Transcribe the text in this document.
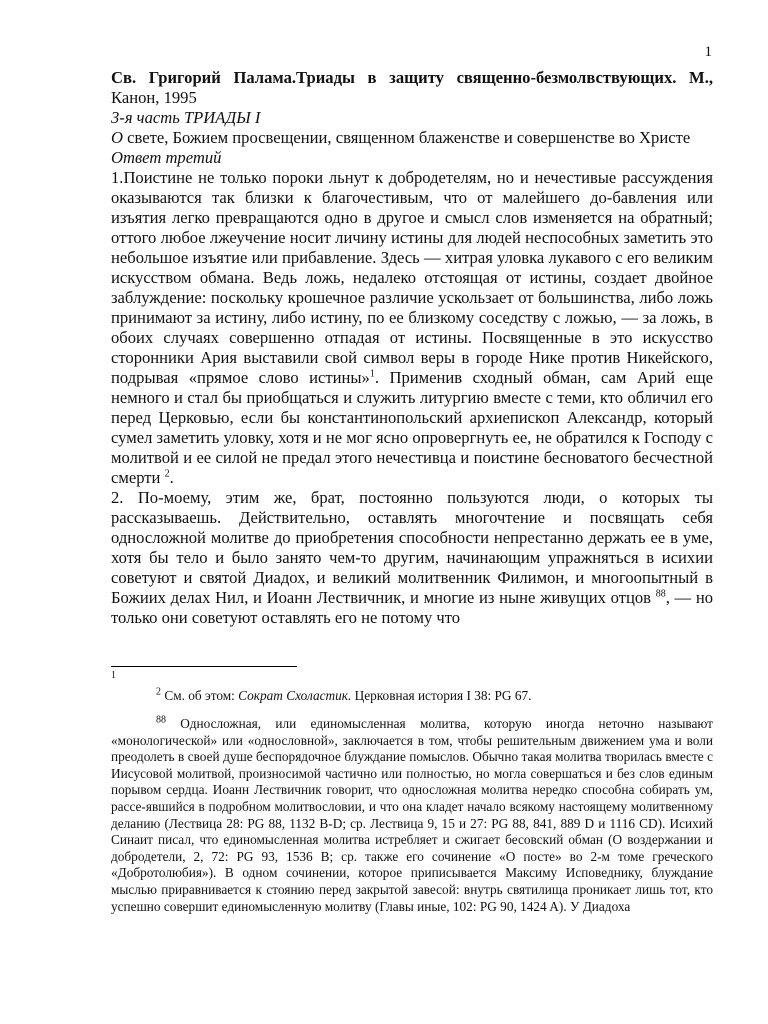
1

Св. Григорий Палама.Триады в защиту священно-безмолвствующих. М., Канон, 1995

3-я часть ТРИАДЫ I

О свете, Божием просвещении, священном блаженстве и совершенстве во Христе

Ответ третий

1.Поистине не только пороки льнут к добродетелям, но и нечестивые рассуждения оказываются так близки к благочестивым, что от малейшего до-бавления или изъятия легко превращаются одно в другое и смысл слов изменяется на обратный; оттого любое лжеучение носит личину истины для людей неспособных заметить это небольшое изъятие или прибавление. Здесь — хитрая уловка лукавого с его великим искусством обмана. Ведь ложь, недалеко отстоящая от истины, создает двойное заблуждение: поскольку крошечное различие ускользает от большинства, либо ложь принимают за истину, либо истину, по ее близкому соседству с ложью, — за ложь, в обоих случаях совершенно отпадая от истины. Посвященные в это искусство сторонники Ария выставили свой символ веры в городе Нике против Никейского, подрывая «прямое слово истины»$^1$. Применив сходный обман, сам Арий еще немного и стал бы приобщаться и служить литургию вместе с теми, кто обличил его перед Церковью, если бы константинопольский архиепископ Александр, который сумел заметить уловку, хотя и не мог ясно опровергнуть ее, не обратился к Господу с молитвой и ее силой не предал этого нечестивца и поистине бесноватого бесчестной смерти $^2$.

2. По-моему, этим же, брат, постоянно пользуются люди, о которых ты рассказываешь. Действительно, оставлять многочтение и посвящать себя односложной молитве до приобретения способности непрестанно держать ее в уме, хотя бы тело и было занято чем-то другим, начинающим упражняться в исихии советуют и святой Диадох, и великий молитвенник Филимон, и многоопытный в Божиих делах Нил, и Иоанн Лествичник, и многие из ныне живущих отцов $^{88}$, — но только они советуют оставлять его не потому что

1
$^2$ См. об этом: Сократ Схоластик. Церковная история I 38: PG 67.
$^{88}$ Односложная, или единомысленная молитва, которую иногда неточно называют «монологической» или «однословной», заключается в том, чтобы решительным движением ума и воли преодолеть в своей душе беспорядочное блуждание помыслов. Обычно такая молитва творилась вместе с Иисусовой молитвой, произносимой частично или полностью, но могла совершаться и без слов единым порывом сердца. Иоанн Лествичник говорит, что односложная молитва нередко способна собирать ум, рассе-явшийся в подробном молитвословии, и что она кладет начало всякому настоящему молитвенному деланию (Лествица 28: PG 88, 1132 B-D; ср. Лествица 9, 15 и 27: PG 88, 841, 889 D и 1116 CD). Исихий Синаит писал, что единомысленная молитва истребляет и сжигает бесовский обман (О воздержании и добродетели, 2, 72: PG 93, 1536 B; ср. также его сочинение «О посте» во 2-м томе греческого «Добротолюбия»). В одном сочинении, которое приписывается Максиму Исповеднику, блуждание мыслью приравнивается к стоянию перед закрытой завесой: внутрь святилища проникает лишь тот, кто успешно совершит единомысленную молитву (Главы иные, 102: PG 90, 1424 A). У Диадоха
